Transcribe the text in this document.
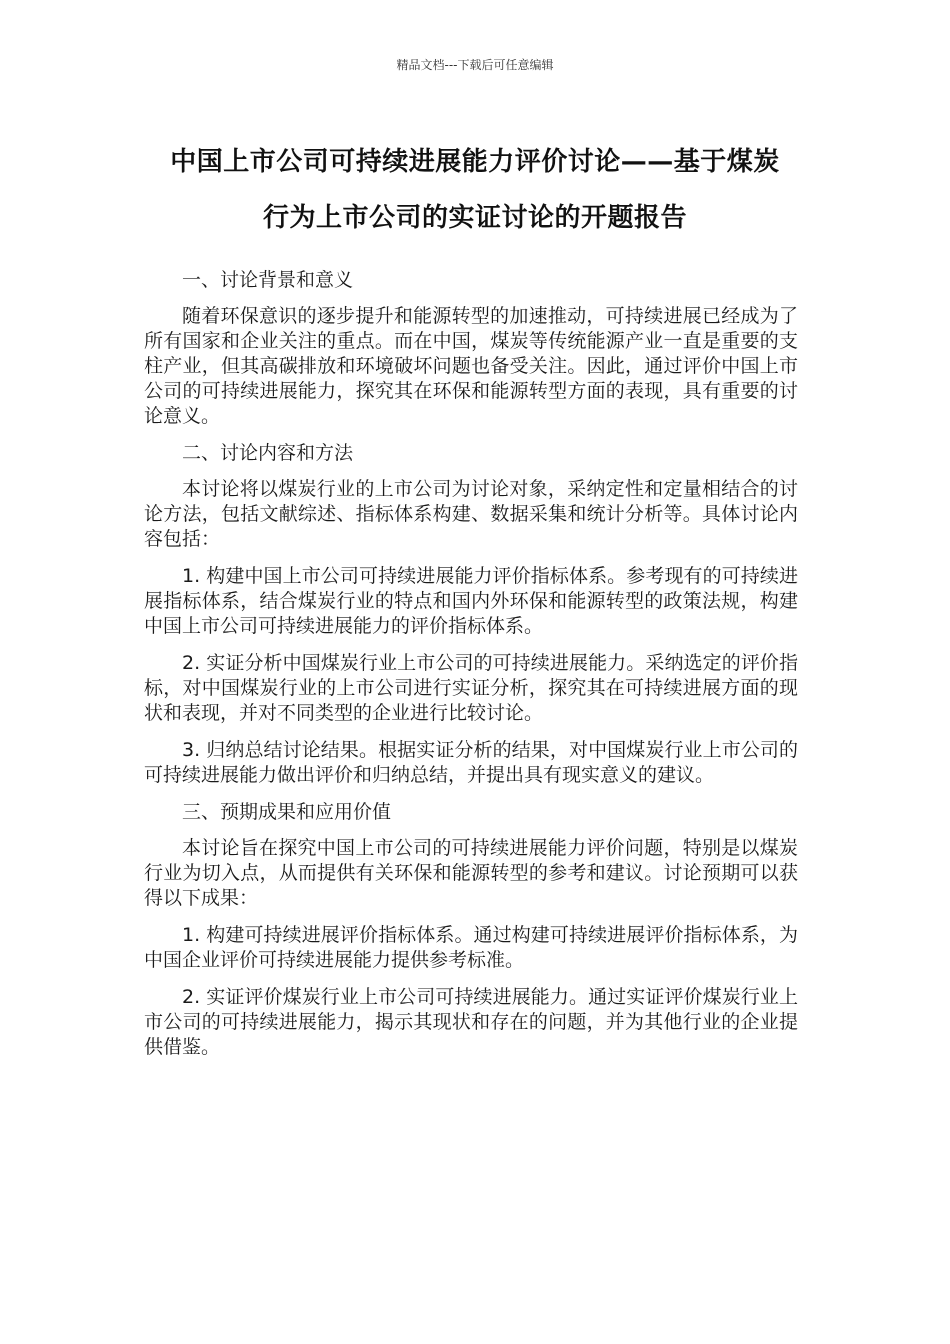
精品文档---下载后可任意编辑
中国上市公司可持续进展能力评价讨论——基于煤炭
行为上市公司的实证讨论的开题报告

一、讨论背景和意义

随着环保意识的逐步提升和能源转型的加速推动，可持续进展已经成为了所有国家和企业关注的重点。而在中国，煤炭等传统能源产业一直是重要的支柱产业，但其高碳排放和环境破坏问题也备受关注。因此，通过评价中国上市公司的可持续进展能力，探究其在环保和能源转型方面的表现，具有重要的讨论意义。

二、讨论内容和方法

本讨论将以煤炭行业的上市公司为讨论对象，采纳定性和定量相结合的讨论方法，包括文献综述、指标体系构建、数据采集和统计分析等。具体讨论内容包括：

1. 构建中国上市公司可持续进展能力评价指标体系。参考现有的可持续进展指标体系，结合煤炭行业的特点和国内外环保和能源转型的政策法规，构建中国上市公司可持续进展能力的评价指标体系。

2. 实证分析中国煤炭行业上市公司的可持续进展能力。采纳选定的评价指标，对中国煤炭行业的上市公司进行实证分析，探究其在可持续进展方面的现状和表现，并对不同类型的企业进行比较讨论。

3. 归纳总结讨论结果。根据实证分析的结果，对中国煤炭行业上市公司的可持续进展能力做出评价和归纳总结，并提出具有现实意义的建议。

三、预期成果和应用价值

本讨论旨在探究中国上市公司的可持续进展能力评价问题，特别是以煤炭行业为切入点，从而提供有关环保和能源转型的参考和建议。讨论预期可以获得以下成果：

1. 构建可持续进展评价指标体系。通过构建可持续进展评价指标体系，为中国企业评价可持续进展能力提供参考标准。

2. 实证评价煤炭行业上市公司可持续进展能力。通过实证评价煤炭行业上市公司的可持续进展能力，揭示其现状和存在的问题，并为其他行业的企业提供借鉴。
